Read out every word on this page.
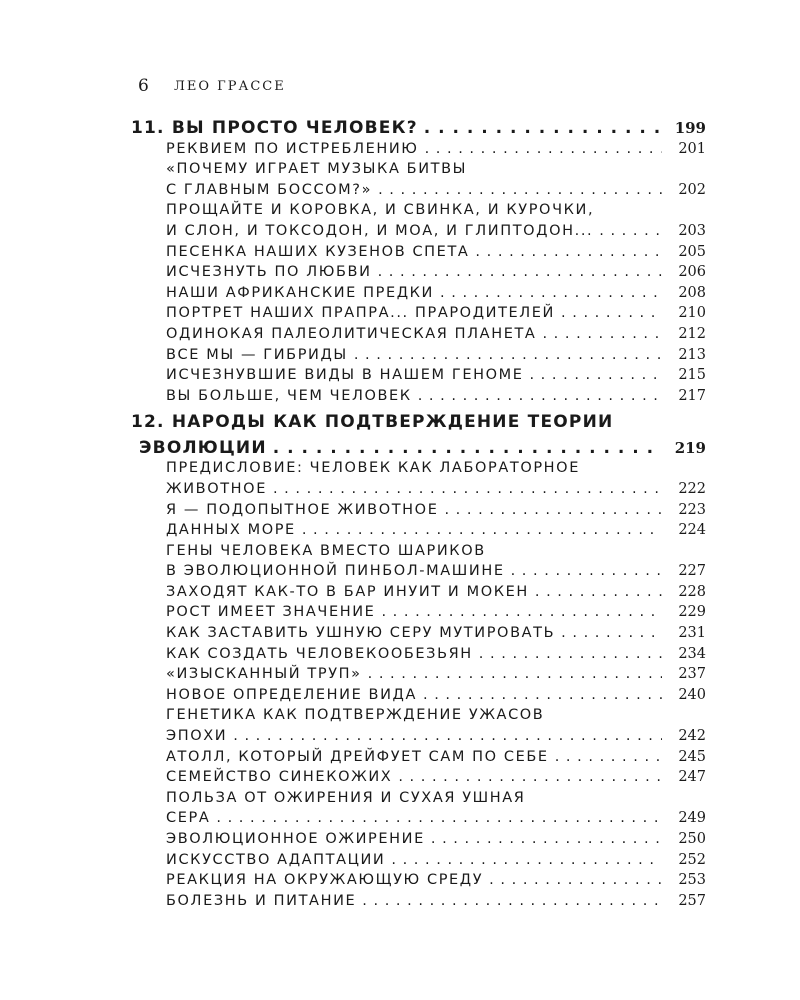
6	ЛЕО ГРАССЕ
11. ВЫ ПРОСТО ЧЕЛОВЕК? . . .	199
РЕКВИЕМ ПО ИСТРЕБЛЕНИЮ . . .	201
«ПОЧЕМУ ИГРАЕТ МУЗЫКА БИТВЫ
С ГЛАВНЫМ БОССОМ?» . . .	202
ПРОЩАЙТЕ И КОРОВКА, И СВИНКА, И КУРОЧКИ,
И СЛОН, И ТОКСОДОН, И МОА, И ГЛИПТОДОН... . . .	203
ПЕСЕНКА НАШИХ КУЗЕНОВ СПЕТА . . .	205
ИСЧЕЗНУТЬ ПО ЛЮБВИ . . .	206
НАШИ АФРИКАНСКИЕ ПРЕДКИ . . .	208
ПОРТРЕТ НАШИХ ПРАПРА... ПРАРОДИТЕЛЕЙ . . .	210
ОДИНОКАЯ ПАЛЕОЛИТИЧЕСКАЯ ПЛАНЕТА . . .	212
ВСЕ МЫ — ГИБРИДЫ . . .	213
ИСЧЕЗНУВШИЕ ВИДЫ В НАШЕМ ГЕНОМЕ . . .	215
ВЫ БОЛЬШЕ, ЧЕМ ЧЕЛОВЕК . . .	217
12. НАРОДЫ КАК ПОДТВЕРЖДЕНИЕ ТЕОРИИ
ЭВОЛЮЦИИ . . .	219
ПРЕДИСЛОВИЕ: ЧЕЛОВЕК КАК ЛАБОРАТОРНОЕ
ЖИВОТНОЕ . . .	222
Я — ПОДОПЫТНОЕ ЖИВОТНОЕ . . .	223
ДАННЫХ МОРЕ . . .	224
ГЕНЫ ЧЕЛОВЕКА ВМЕСТО ШАРИКОВ
В ЭВОЛЮЦИОННОЙ ПИНБОЛ-МАШИНЕ . . .	227
ЗАХОДЯТ КАК-ТО В БАР ИНУИТ И МОКЕН . . .	228
РОСТ ИМЕЕТ ЗНАЧЕНИЕ . . .	229
КАК ЗАСТАВИТЬ УШНУЮ СЕРУ МУТИРОВАТЬ . . .	231
КАК СОЗДАТЬ ЧЕЛОВЕКООБЕЗЬЯН . . .	234
«ИЗЫСКАННЫЙ ТРУП» . . .	237
НОВОЕ ОПРЕДЕЛЕНИЕ ВИДА . . .	240
ГЕНЕТИКА КАК ПОДТВЕРЖДЕНИЕ УЖАСОВ
ЭПОХИ . . .	242
АТОЛЛ, КОТОРЫЙ ДРЕЙФУЕТ САМ ПО СЕБЕ . . .	245
СЕМЕЙСТВО СИНЕКОЖИХ . . .	247
ПОЛЬЗА ОТ ОЖИРЕНИЯ И СУХАЯ УШНАЯ
СЕРА . . .	249
ЭВОЛЮЦИОННОЕ ОЖИРЕНИЕ . . .	250
ИСКУССТВО АДАПТАЦИИ . . .	252
РЕАКЦИЯ НА ОКРУЖАЮЩУЮ СРЕДУ . . .	253
БОЛЕЗНЬ И ПИТАНИЕ . . .	257
